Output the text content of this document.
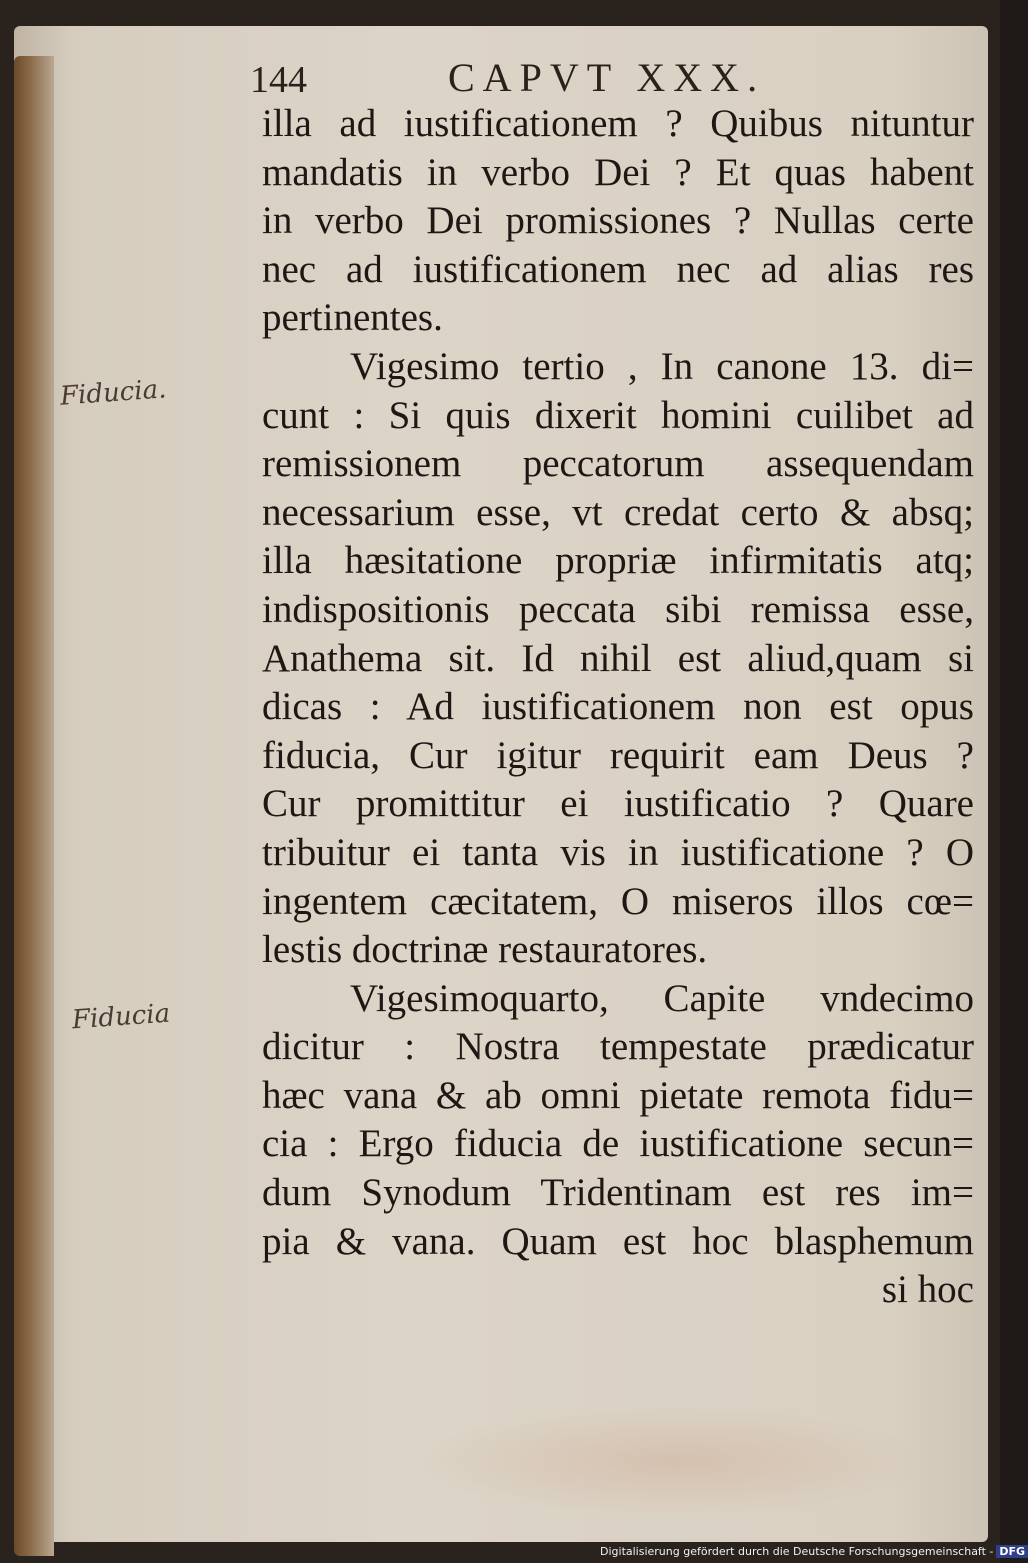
144	CAPVT XXX.
Fiducia.
Fiducia
illa ad iustificationem ? Quibus nituntur
mandatis in verbo Dei ? Et quas habent
in verbo Dei promissiones ? Nullas certe
nec ad iustificationem nec ad alias res
pertinentes.
Vigesimo tertio , In canone 13. di=
cunt : Si quis dixerit homini cuilibet ad
remissionem peccatorum assequendam
necessarium esse, vt credat certo & absq;
illa hæsitatione propriæ infirmitatis atq;
indispositionis peccata sibi remissa esse,
Anathema sit. Id nihil est aliud,quam si
dicas : Ad iustificationem non est opus
fiducia, Cur igitur requirit eam Deus ?
Cur promittitur ei iustificatio ? Quare
tribuitur ei tanta vis in iustificatione ? O
ingentem cæcitatem, O miseros illos cœ=
lestis doctrinæ restauratores.
Vigesimoquarto, Capite vndecimo
dicitur : Nostra tempestate prædicatur
hæc vana & ab omni pietate remota fidu=
cia : Ergo fiducia de iustificatione secun=
dum Synodum Tridentinam est res im=
pia & vana. Quam est hoc blasphemum
si hoc
Digitalisierung gefördert durch die Deutsche Forschungsgemeinschaft - DFG
